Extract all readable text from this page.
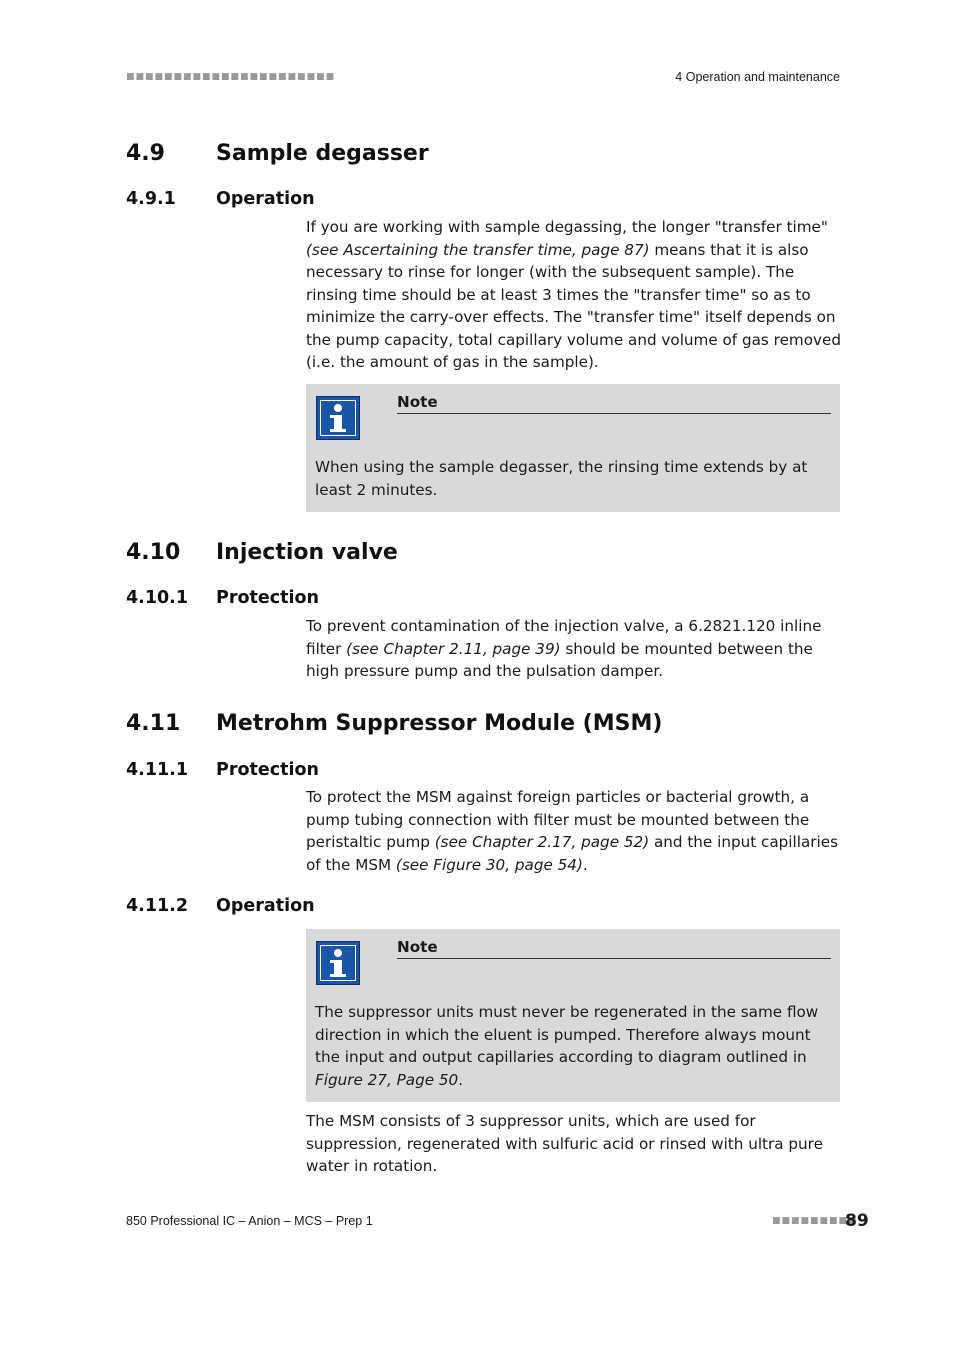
■■■■■■■■■■■■■■■■■■■■■■	4 Operation and maintenance
4.9 Sample degasser
4.9.1 Operation
If you are working with sample degassing, the longer "transfer time" (see Ascertaining the transfer time, page 87) means that it is also necessary to rinse for longer (with the subsequent sample). The rinsing time should be at least 3 times the "transfer time" so as to minimize the carry-over effects. The "transfer time" itself depends on the pump capacity, total capillary volume and volume of gas removed (i.e. the amount of gas in the sample).
Note
When using the sample degasser, the rinsing time extends by at least 2 minutes.
4.10 Injection valve
4.10.1 Protection
To prevent contamination of the injection valve, a 6.2821.120 inline filter (see Chapter 2.11, page 39) should be mounted between the high pressure pump and the pulsation damper.
4.11 Metrohm Suppressor Module (MSM)
4.11.1 Protection
To protect the MSM against foreign particles or bacterial growth, a pump tubing connection with filter must be mounted between the peristaltic pump (see Chapter 2.17, page 52) and the input capillaries of the MSM (see Figure 30, page 54).
4.11.2 Operation
Note
The suppressor units must never be regenerated in the same flow direction in which the eluent is pumped. Therefore always mount the input and output capillaries according to diagram outlined in Figure 27, Page 50.
The MSM consists of 3 suppressor units, which are used for suppression, regenerated with sulfuric acid or rinsed with ultra pure water in rotation.
850 Professional IC – Anion – MCS – Prep 1	■■■■■■■■■
89
